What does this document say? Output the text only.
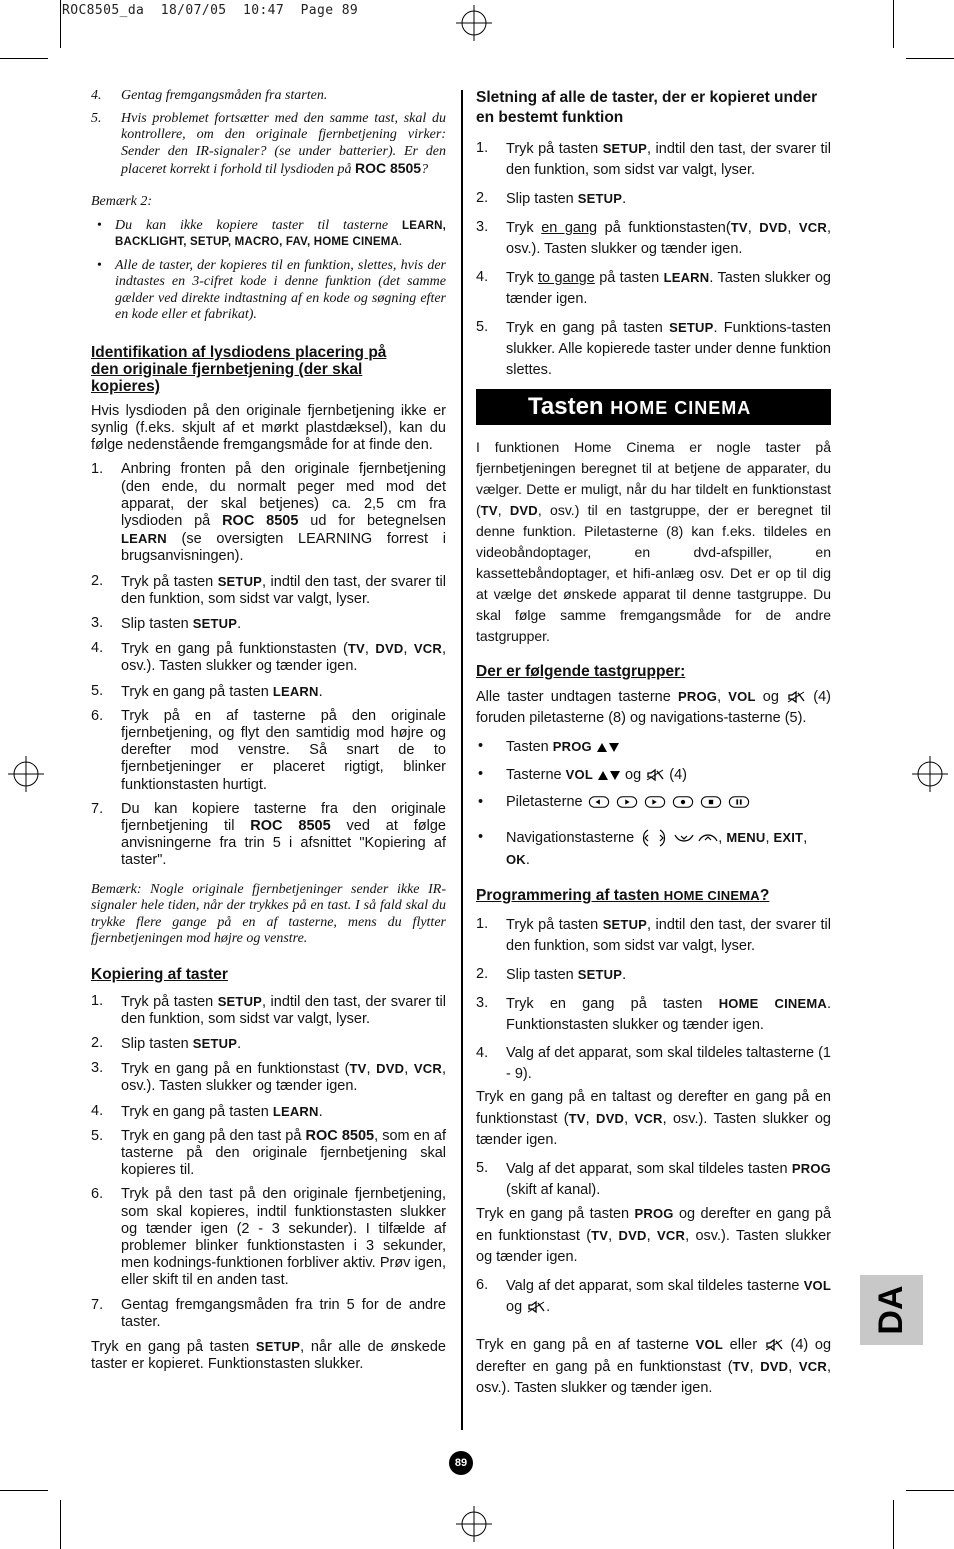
ROC8505_da  18/07/05  10:47  Page 89
4. Gentag fremgangsmåden fra starten.
5. Hvis problemet fortsætter med den samme tast, skal du kontrollere, om den originale fjernbetjening virker: Sender den IR-signaler? (se under batterier). Er den placeret korrekt i forhold til lysdioden på ROC 8505?
Bemærk 2:
• Du kan ikke kopiere taster til tasterne LEARN, BACKLIGHT, SETUP, MACRO, FAV, HOME CINEMA.
• Alle de taster, der kopieres til en funktion, slettes, hvis der indtastes en 3-cifret kode i denne funktion (det samme gælder ved direkte indtastning af en kode og søgning efter en kode eller et fabrikat).
Identifikation af lysdiodens placering på den originale fjernbetjening (der skal kopieres)
Hvis lysdioden på den originale fjernbetjening ikke er synlig (f.eks. skjult af et mørkt plastdæksel), kan du følge nedenstående fremgangsmåde for at finde den.
1. Anbring fronten på den originale fjernbetjening (den ende, du normalt peger med mod det apparat, der skal betjenes) ca. 2,5 cm fra lysdioden på ROC 8505 ud for betegnelsen LEARN (se oversigten LEARNING forrest i brugsanvisningen).
2. Tryk på tasten SETUP, indtil den tast, der svarer til den funktion, som sidst var valgt, lyser.
3. Slip tasten SETUP.
4. Tryk en gang på funktionstasten (TV, DVD, VCR, osv.). Tasten slukker og tænder igen.
5. Tryk en gang på tasten LEARN.
6. Tryk på en af tasterne på den originale fjernbetjening, og flyt den samtidig mod højre og derefter mod venstre. Så snart de to fjernbetjeninger er placeret rigtigt, blinker funktionstasten hurtigt.
7. Du kan kopiere tasterne fra den originale fjernbetjening til ROC 8505 ved at følge anvisningerne fra trin 5 i afsnittet "Kopiering af taster".
Bemærk: Nogle originale fjernbetjeninger sender ikke IR-signaler hele tiden, når der trykkes på en tast. I så fald skal du trykke flere gange på en af tasterne, mens du flytter fjernbetjeningen mod højre og venstre.
Kopiering af taster
1. Tryk på tasten SETUP, indtil den tast, der svarer til den funktion, som sidst var valgt, lyser.
2. Slip tasten SETUP.
3. Tryk en gang på en funktionstast (TV, DVD, VCR, osv.). Tasten slukker og tænder igen.
4. Tryk en gang på tasten LEARN.
5. Tryk en gang på den tast på ROC 8505, som en af tasterne på den originale fjernbetjening skal kopieres til.
6. Tryk på den tast på den originale fjernbetjening, som skal kopieres, indtil funktionstasten slukker og tænder igen (2 - 3 sekunder). I tilfælde af problemer blinker funktionstasten i 3 sekunder, men kodnings-funktionen forbliver aktiv. Prøv igen, eller skift til en anden tast.
7. Gentag fremgangsmåden fra trin 5 for de andre taster.
Tryk en gang på tasten SETUP, når alle de ønskede taster er kopieret. Funktionstasten slukker.
Sletning af alle de taster, der er kopieret under en bestemt funktion
1. Tryk på tasten SETUP, indtil den tast, der svarer til den funktion, som sidst var valgt, lyser.
2. Slip tasten SETUP.
3. Tryk en gang på funktionstasten(TV, DVD, VCR, osv.). Tasten slukker og tænder igen.
4. Tryk to gange på tasten LEARN. Tasten slukker og tænder igen.
5. Tryk en gang på tasten SETUP. Funktions-tasten slukker. Alle kopierede taster under denne funktion slettes.
Tasten HOME CINEMA
I funktionen Home Cinema er nogle taster på fjernbetjeningen beregnet til at betjene de apparater, du vælger. Dette er muligt, når du har tildelt en funktionstast (TV, DVD, osv.) til en tastgruppe, der er beregnet til denne funktion. Piletasterne (8) kan f.eks. tildeles en videobåndoptager, en dvd-afspiller, en kassettebåndoptager, et hifi-anlæg osv. Det er op til dig at vælge det ønskede apparat til denne tastgruppe. Du skal følge samme fremgangsmåde for de andre tastgrupper.
Der er følgende tastgrupper:
Alle taster undtagen tasterne PROG, VOL og (4) foruden piletasterne (8) og navigations-tasterne (5).
• Tasten PROG
• Tasterne VOL og (4)
• Piletasterne
• Navigationstasterne	, MENU, EXIT, OK.
Programmering af tasten HOME CINEMA?
1. Tryk på tasten SETUP, indtil den tast, der svarer til den funktion, som sidst var valgt, lyser.
2. Slip tasten SETUP.
3. Tryk en gang på tasten HOME CINEMA. Funktionstasten slukker og tænder igen.
4. Valg af det apparat, som skal tildeles taltasterne (1 - 9).
Tryk en gang på en taltast og derefter en gang på en funktionstast (TV, DVD, VCR, osv.). Tasten slukker og tænder igen.
5. Valg af det apparat, som skal tildeles tasten PROG (skift af kanal).
Tryk en gang på tasten PROG og derefter en gang på en funktionstast (TV, DVD, VCR, osv.). Tasten slukker og tænder igen.
6. Valg af det apparat, som skal tildeles tasterne VOL og .
Tryk en gang på en af tasterne VOL eller (4) og derefter en gang på en funktionstast (TV, DVD, VCR, osv.). Tasten slukker og tænder igen.
DA
89
